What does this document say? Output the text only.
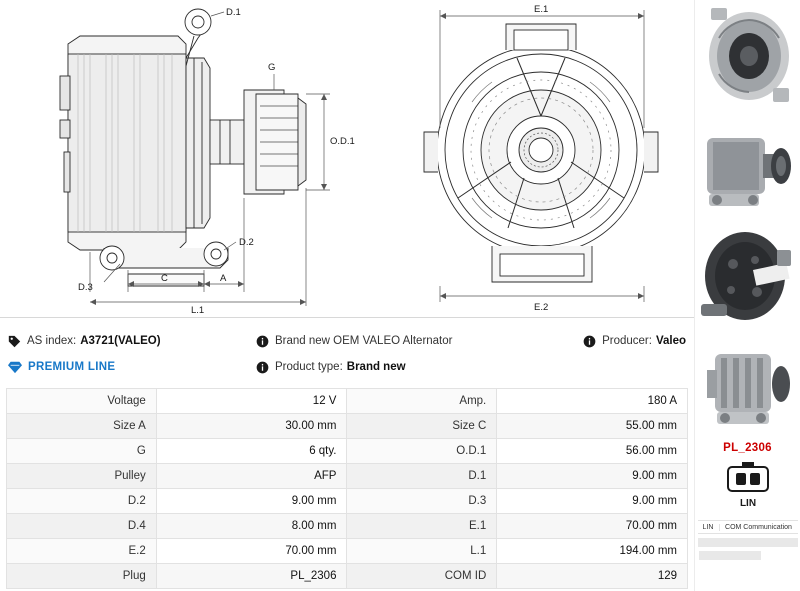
D.1
D.2
D.3
G
O.D.1
A
C
L.1
E.1
E.2
AS index: A3721(VALEO)	Brand new OEM VALEO Alternator	Producer: Valeo
PREMIUM LINE	Product type: Brand new
Voltage	12 V	Amp.	180 A
Size A	30.00 mm	Size C	55.00 mm
G	6 qty.	O.D.1	56.00 mm
Pulley	AFP	D.1	9.00 mm
D.2	9.00 mm	D.3	9.00 mm
D.4	8.00 mm	E.1	70.00 mm
E.2	70.00 mm	L.1	194.00 mm
Plug	PL_2306	COM ID	129
PL_2306
LIN
LIN	COM Communication
